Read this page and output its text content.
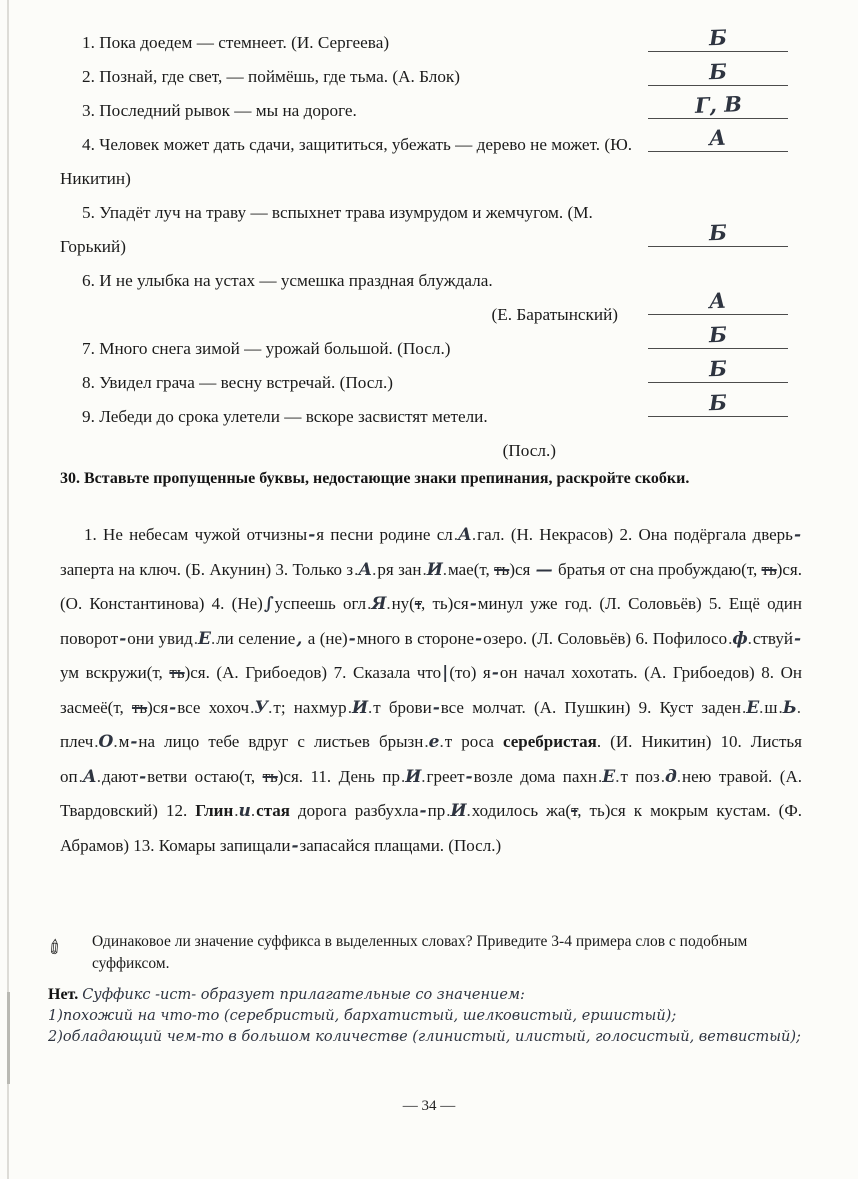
1. Пока доедем — стемнеет. (И. Сергеева)

2. Познай, где свет, — поймёшь, где тьма. (А. Блок)

3. Последний рывок — мы на дороге.

4. Человек может дать сдачи, защититься, убежать — дерево не может. (Ю. Никитин)

5. Упадёт луч на траву — вспыхнет трава изумрудом и жемчугом. (М. Горький)

6. И не улыбка на устах — усмешка праздная блуждала.
(Е. Баратынский)

7. Много снега зимой — урожай большой. (Посл.)

8. Увидел грача — весну встречай. (Посл.)

9. Лебеди до срока улетели — вскоре засвистят метели.
(Посл.)

Б
Б
Г, В
А
Б
А
Б
Б
Б
30. Вставьте пропущенные буквы, недостающие знаки препинания, раскройте скобки.

1. Не небесам чужой отчизны-я песни родине сл . А . гал. (Н. Некрасов) 2. Она подёргала дверь-заперта на ключ. (Б. Акунин) 3. Только з . А . ря зан . И . мае(т, ть)ся — братья от сна пробуждаю(т, ть)ся. (О. Константинова) 4. (Не)∫успеешь огл . Я . ну(т, ть)ся-минул уже год. (Л. Соловьёв) 5. Ещё один поворот-они увид . Е . ли селение, а (не)-много в стороне-озеро. (Л. Соловьёв) 6. Пофилосо . ф . ствуй-ум вскружи(т, ть)ся. (А. Грибоедов) 7. Сказала что|(то) я-он начал хохотать. (А. Грибоедов) 8. Он засмеё(т, ть)ся-все хохоч . У . т; нахмур . И . т брови-все молчат. (А. Пушкин) 9. Куст заден . Е . ш . Ь . плеч . О . м-на лицо тебе вдруг с листьев брызн . е . т роса серебристая. (И. Никитин) 10. Листья оп . А . дают-ветви остаю(т, ть)ся. 11. День пр . И . греет-возле дома пахн . Е . т поз . д . нею травой. (А. Твардовский) 12. Глин . и . стая дорога разбухла-пр . И . ходилось жа(т, ть)ся к мокрым кустам. (Ф. Абрамов) 13. Комары запищали-запасайся плащами. (Посл.)

✎ Одинаковое ли значение суффикса в выделенных словах? Приведите 3-4 примера слов с подобным суффиксом.

Нет. Суффикс -ист- образует прилагательные со значением:

1)похожий на что-то (серебристый, бархатистый, шелковистый, ершистый);

2)обладающий чем-то в большом количестве (глинистый, илистый, голосистый, ветвистый);

— 34 —
